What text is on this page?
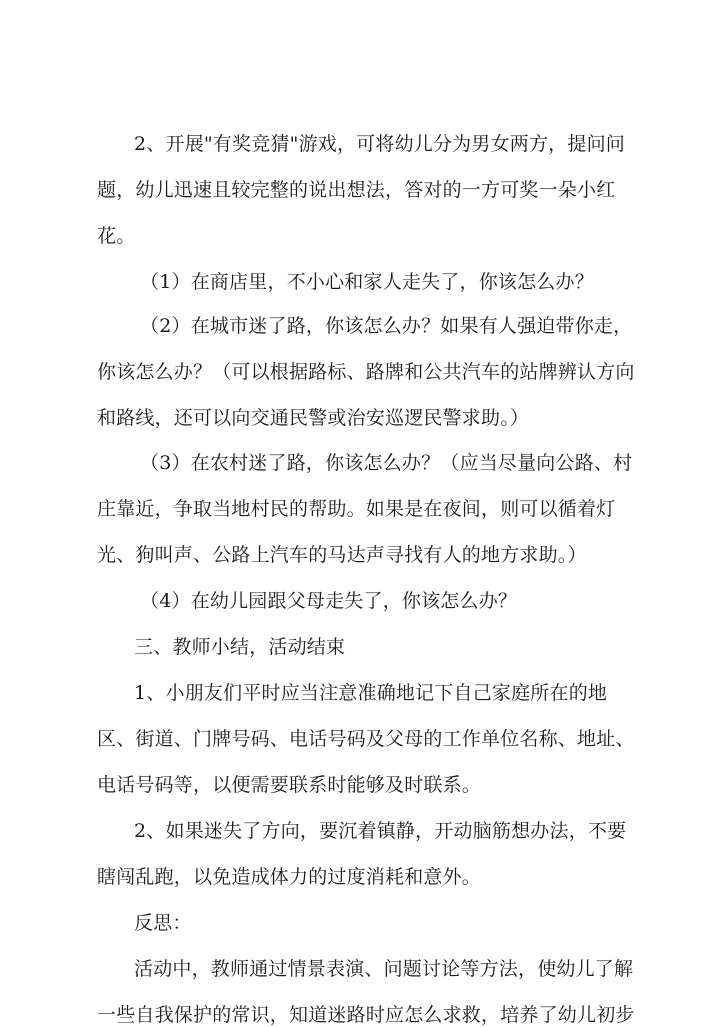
2、开展"有奖竞猜"游戏，可将幼儿分为男女两方，提问问
题，幼儿迅速且较完整的说出想法，答对的一方可奖一朵小红
花。
（1）在商店里，不小心和家人走失了，你该怎么办？
（2）在城市迷了路，你该怎么办？如果有人强迫带你走，
你该怎么办？（可以根据路标、路牌和公共汽车的站牌辨认方向
和路线，还可以向交通民警或治安巡逻民警求助。）
（3）在农村迷了路，你该怎么办？（应当尽量向公路、村
庄靠近，争取当地村民的帮助。如果是在夜间，则可以循着灯
光、狗叫声、公路上汽车的马达声寻找有人的地方求助。）
（4）在幼儿园跟父母走失了，你该怎么办？
三、教师小结，活动结束
1、小朋友们平时应当注意准确地记下自己家庭所在的地
区、街道、门牌号码、电话号码及父母的工作单位名称、地址、
电话号码等，以便需要联系时能够及时联系。
2、如果迷失了方向，要沉着镇静，开动脑筋想办法，不要
瞎闯乱跑，以免造成体力的过度消耗和意外。
反思：
活动中，教师通过情景表演、问题讨论等方法，使幼儿了解
一些自我保护的常识，知道迷路时应怎么求救，培养了幼儿初步
